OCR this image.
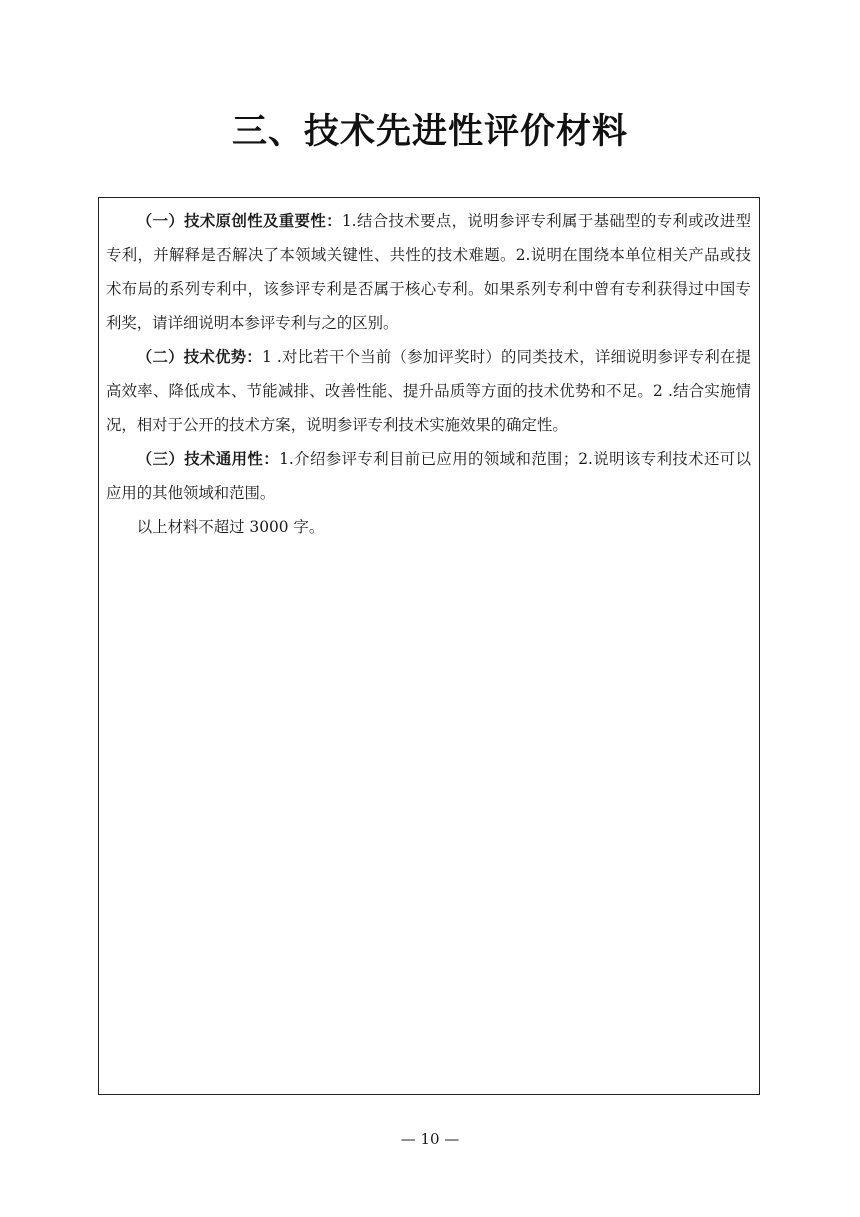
三、技术先进性评价材料

（一）技术原创性及重要性：1.结合技术要点，说明参评专利属于基础型的专利或改进型专利，并解释是否解决了本领域关键性、共性的技术难题。2.说明在围绕本单位相关产品或技术布局的系列专利中，该参评专利是否属于核心专利。如果系列专利中曾有专利获得过中国专利奖，请详细说明本参评专利与之的区别。

（二）技术优势：1 .对比若干个当前（参加评奖时）的同类技术，详细说明参评专利在提高效率、降低成本、节能减排、改善性能、提升品质等方面的技术优势和不足。2 .结合实施情况，相对于公开的技术方案，说明参评专利技术实施效果的确定性。

（三）技术通用性：1.介绍参评专利目前已应用的领域和范围；2.说明该专利技术还可以应用的其他领域和范围。

以上材料不超过 3000 字。

— 10 —
